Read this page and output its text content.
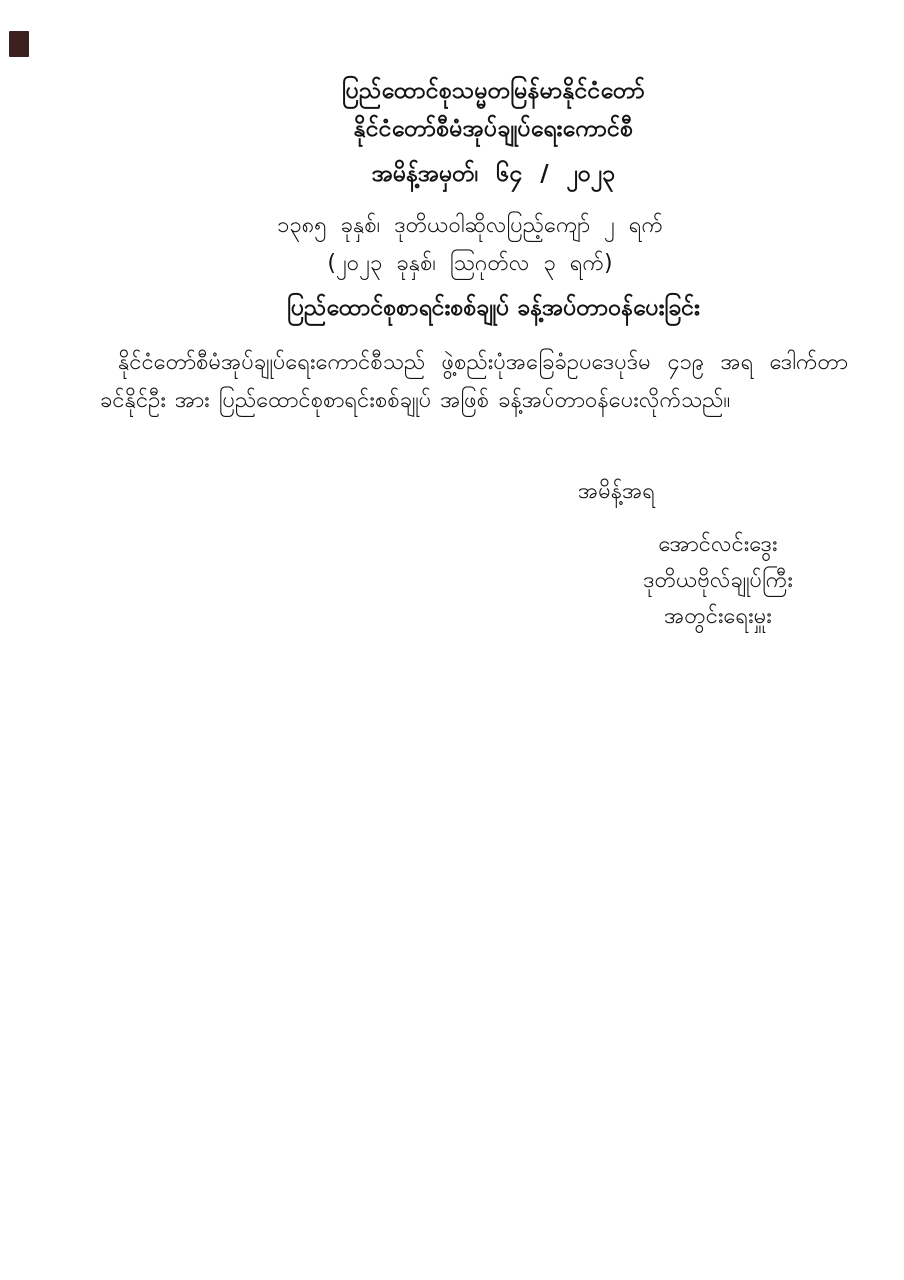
ပြည်ထောင်စုသမ္မတမြန်မာနိုင်ငံတော်
နိုင်ငံတော်စီမံအုပ်ချုပ်ရေးကောင်စီ
အမိန့်အမှတ်၊ ၆၄ / ၂၀၂၃
၁၃၈၅ ခုနှစ်၊ ဒုတိယဝါဆိုလပြည့်ကျော် ၂ ရက်
(၂၀၂၃ ခုနှစ်၊ ဩဂုတ်လ ၃ ရက်)
ပြည်ထောင်စုစာရင်းစစ်ချုပ် ခန့်အပ်တာဝန်ပေးခြင်း
နိုင်ငံတော်စီမံအုပ်ချုပ်ရေးကောင်စီသည် ဖွဲ့စည်းပုံအခြေခံဥပဒေပုဒ်မ ၄၁၉ အရ ဒေါက်တာ ခင်နိုင်ဦး အား ပြည်ထောင်စုစာရင်းစစ်ချုပ် အဖြစ် ခန့်အပ်တာဝန်ပေးလိုက်သည်။
အမိန့်အရ
အောင်လင်းဒွေး
ဒုတိယဗိုလ်ချုပ်ကြီး
အတွင်းရေးမှူး
